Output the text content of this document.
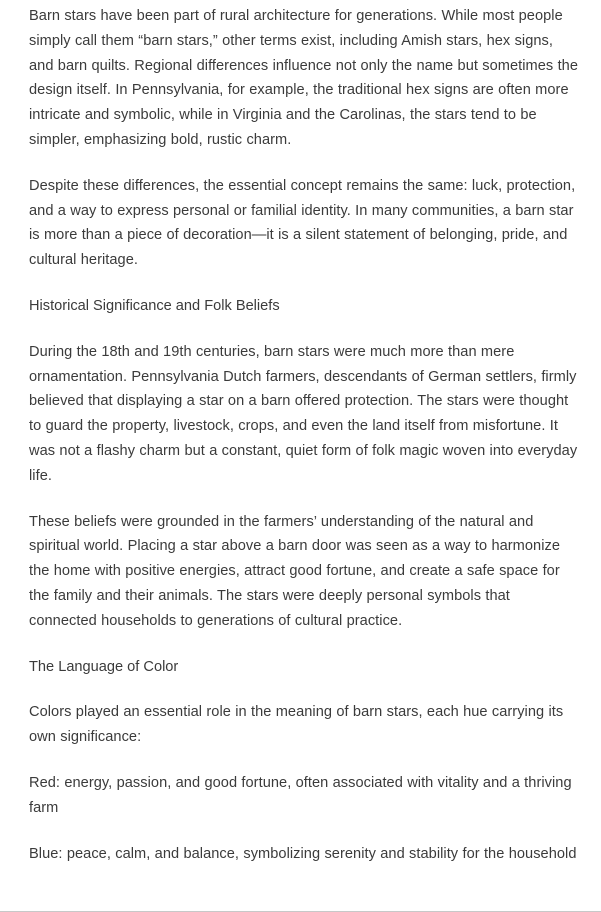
Barn stars have been part of rural architecture for generations. While most people simply call them “barn stars,” other terms exist, including Amish stars, hex signs, and barn quilts. Regional differences influence not only the name but sometimes the design itself. In Pennsylvania, for example, the traditional hex signs are often more intricate and symbolic, while in Virginia and the Carolinas, the stars tend to be simpler, emphasizing bold, rustic charm.

Despite these differences, the essential concept remains the same: luck, protection, and a way to express personal or familial identity. In many communities, a barn star is more than a piece of decoration—it is a silent statement of belonging, pride, and cultural heritage.

Historical Significance and Folk Beliefs

During the 18th and 19th centuries, barn stars were much more than mere ornamentation. Pennsylvania Dutch farmers, descendants of German settlers, firmly believed that displaying a star on a barn offered protection. The stars were thought to guard the property, livestock, crops, and even the land itself from misfortune. It was not a flashy charm but a constant, quiet form of folk magic woven into everyday life.

These beliefs were grounded in the farmers’ understanding of the natural and spiritual world. Placing a star above a barn door was seen as a way to harmonize the home with positive energies, attract good fortune, and create a safe space for the family and their animals. The stars were deeply personal symbols that connected households to generations of cultural practice.

The Language of Color

Colors played an essential role in the meaning of barn stars, each hue carrying its own significance:

Red: energy, passion, and good fortune, often associated with vitality and a thriving farm

Blue: peace, calm, and balance, symbolizing serenity and stability for the household
